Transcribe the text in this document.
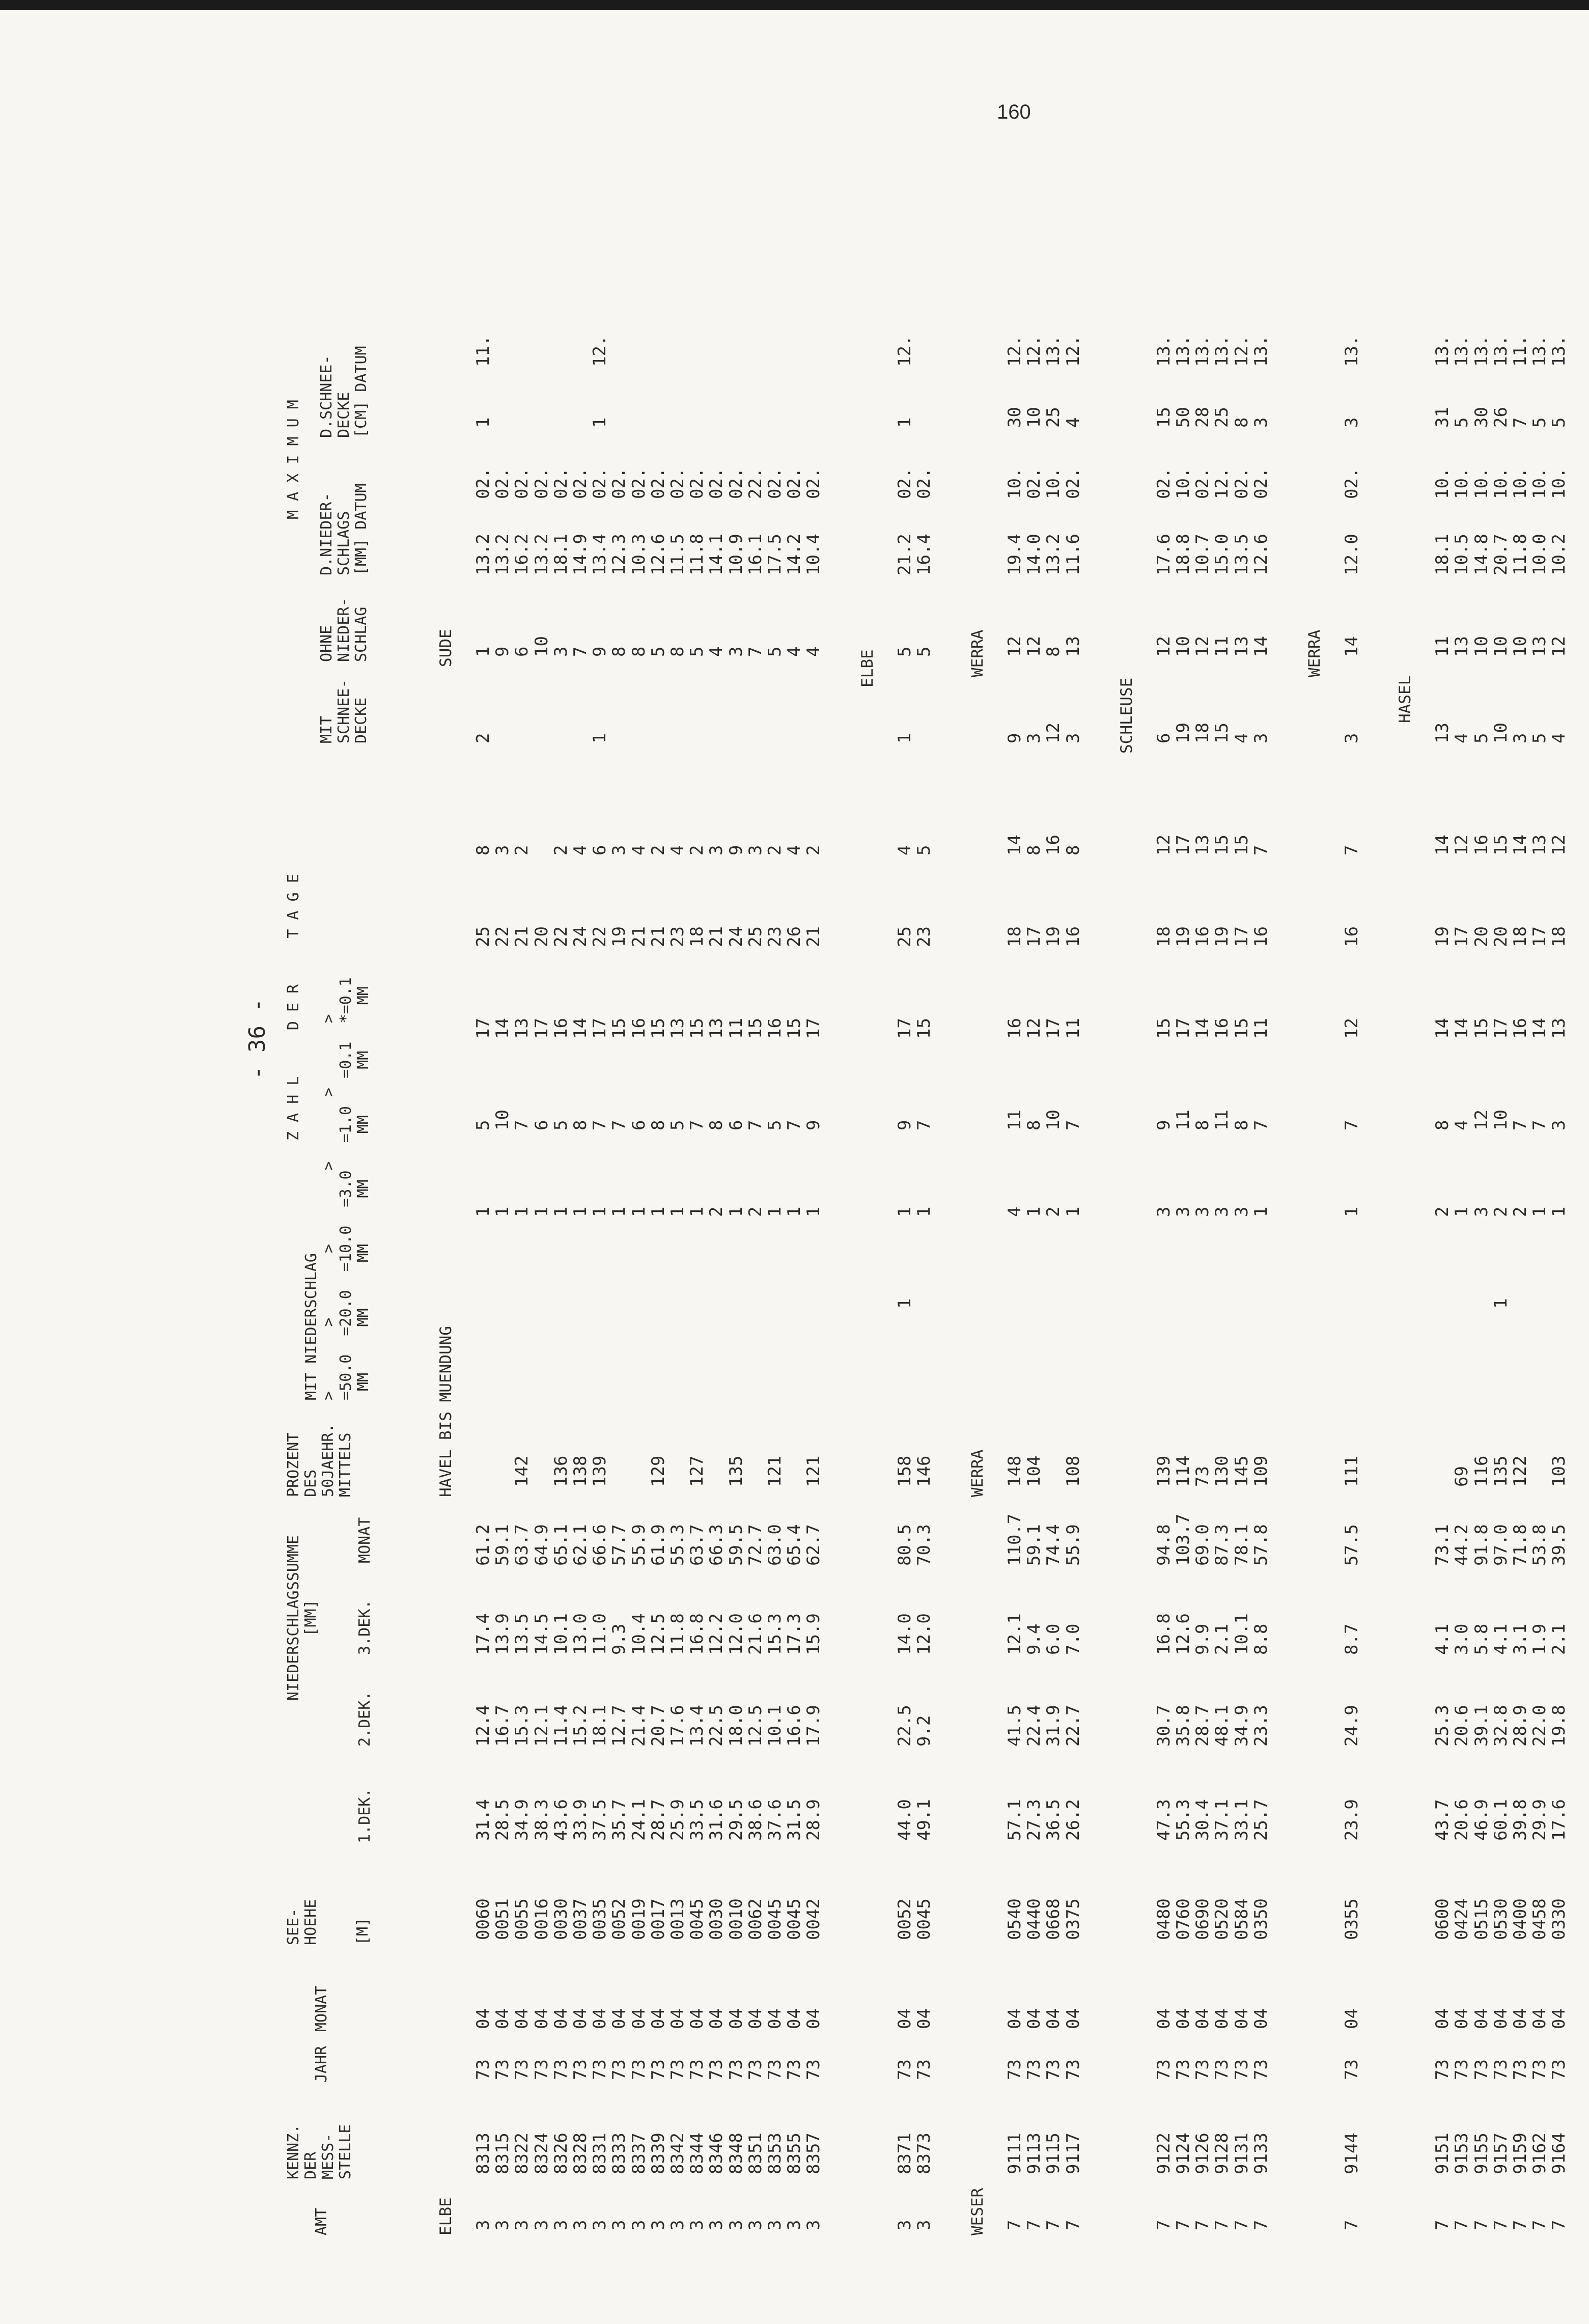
160
- 36 -
AMT
KENNZ.
DER
MESS-
STELLE
JAHR
MONAT
SEE-
HOEHE

[M]
NIEDERSCHLAGSSUMME
[MM]
1.DEK.
2.DEK.
3.DEK.
MONAT
PROZENT
DES
50JAEHR.
MITTELS
Z A H L     D E R     T A G E
MIT NIEDERSCHLAG
>       >       >        >       >       >
=50.0  =20.0  =10.0  =3.0   =1.0   =0.1  *=0.1
MM     MM     MM     MM     MM     MM     MM
MIT
SCHNEE-
DECKE
OHNE
NIEDER-
SCHLAG
M A X I M U M
D.NIEDER-
SCHLAGS
[MM] DATUM
D.SCHNEE-
DECKE
[CM] DATUM
ELBE
HAVEL BIS MUENDUNG
SUDE
3
8313
73
04
0060
31.4
12.4
17.4
61.2
1
5
17
25
8
2
1
13.2
02.
1
11.
3
8315
73
04
0051
28.5
16.7
13.9
59.1
1
10
14
22
3
9
13.2
02.
3
8322
73
04
0055
34.9
15.3
13.5
63.7
142
1
7
13
21
2
6
16.2
02.
3
8324
73
04
0016
38.3
12.1
14.5
64.9
1
6
17
20
10
13.2
02.
3
8326
73
04
0030
43.6
11.4
10.1
65.1
136
1
5
16
22
2
3
18.1
02.
3
8328
73
04
0037
33.9
15.2
13.0
62.1
138
1
8
14
24
4
7
14.9
02.
3
8331
73
04
0035
37.5
18.1
11.0
66.6
139
1
7
17
22
6
1
9
13.4
02.
1
12.
3
8333
73
04
0052
35.7
12.7
9.3
57.7
1
7
15
19
3
8
12.3
02.
3
8337
73
04
0019
24.1
21.4
10.4
55.9
1
6
16
21
4
8
10.3
02.
3
8339
73
04
0017
28.7
20.7
12.5
61.9
129
1
8
15
21
2
5
12.6
02.
3
8342
73
04
0013
25.9
17.6
11.8
55.3
1
5
13
23
4
8
11.5
02.
3
8344
73
04
0045
33.5
13.4
16.8
63.7
127
1
7
15
18
2
5
11.8
02.
3
8346
73
04
0030
31.6
22.5
12.2
66.3
2
8
13
21
3
4
14.1
02.
3
8348
73
04
0010
29.5
18.0
12.0
59.5
135
1
6
11
24
9
3
10.9
02.
3
8351
73
04
0062
38.6
12.5
21.6
72.7
2
7
15
25
3
7
16.1
22.
3
8353
73
04
0045
37.6
10.1
15.3
63.0
121
1
5
16
23
2
5
17.5
02.
3
8355
73
04
0045
31.5
16.6
17.3
65.4
1
7
15
26
4
4
14.2
02.
3
8357
73
04
0042
28.9
17.9
15.9
62.7
121
1
9
17
21
2
4
10.4
02.
ELBE
3
8371
73
04
0052
44.0
22.5
14.0
80.5
158
1
1
9
17
25
4
1
5
21.2
02.
1
12.
3
8373
73
04
0045
49.1
9.2
12.0
70.3
146
1
7
15
23
5
5
16.4
02.
WESER
WERRA
WERRA
7
9111
73
04
0540
57.1
41.5
12.1
110.7
148
4
11
16
18
14
9
12
19.4
10.
30
12.
7
9113
73
04
0440
27.3
22.4
9.4
59.1
104
1
8
12
17
8
3
12
14.0
02.
10
12.
7
9115
73
04
0668
36.5
31.9
6.0
74.4
2
10
17
19
16
12
8
13.2
10.
25
13.
7
9117
73
04
0375
26.2
22.7
7.0
55.9
108
1
7
11
16
8
3
13
11.6
02.
4
12.
SCHLEUSE
7
9122
73
04
0480
47.3
30.7
16.8
94.8
139
3
9
15
18
12
6
12
17.6
02.
15
13.
7
9124
73
04
0760
55.3
35.8
12.6
103.7
114
3
11
17
19
17
19
10
18.8
10.
50
13.
7
9126
73
04
0690
30.4
28.7
9.9
69.0
73
3
8
14
16
13
18
12
10.7
02.
28
13.
7
9128
73
04
0520
37.1
48.1
2.1
87.3
130
3
11
16
19
15
15
11
15.0
12.
25
13.
7
9131
73
04
0584
33.1
34.9
10.1
78.1
145
3
8
15
17
15
4
13
13.5
02.
8
12.
7
9133
73
04
0350
25.7
23.3
8.8
57.8
109
1
7
11
16
7
3
14
12.6
02.
3
13.
WERRA
7
9144
73
04
0355
23.9
24.9
8.7
57.5
111
1
7
12
16
7
3
14
12.0
02.
3
13.
HASEL
7
9151
73
04
0600
43.7
25.3
4.1
73.1
2
8
14
19
14
13
11
18.1
10.
31
13.
7
9153
73
04
0424
20.6
20.6
3.0
44.2
69
1
4
14
17
12
4
13
10.5
10.
5
13.
7
9155
73
04
0515
46.9
39.1
5.8
91.8
116
3
12
15
20
16
5
10
14.8
10.
30
13.
7
9157
73
04
0530
60.1
32.8
4.1
97.0
135
1
2
10
17
20
15
10
10
20.7
10.
26
13.
7
9159
73
04
0400
39.8
28.9
3.1
71.8
122
2
7
16
18
14
3
10
11.8
10.
7
11.
7
9162
73
04
0458
29.9
22.0
1.9
53.8
1
7
14
17
13
5
13
10.0
10.
5
13.
7
9164
73
04
0330
17.6
19.8
2.1
39.5
103
1
3
13
18
12
4
12
10.2
10.
5
13.
